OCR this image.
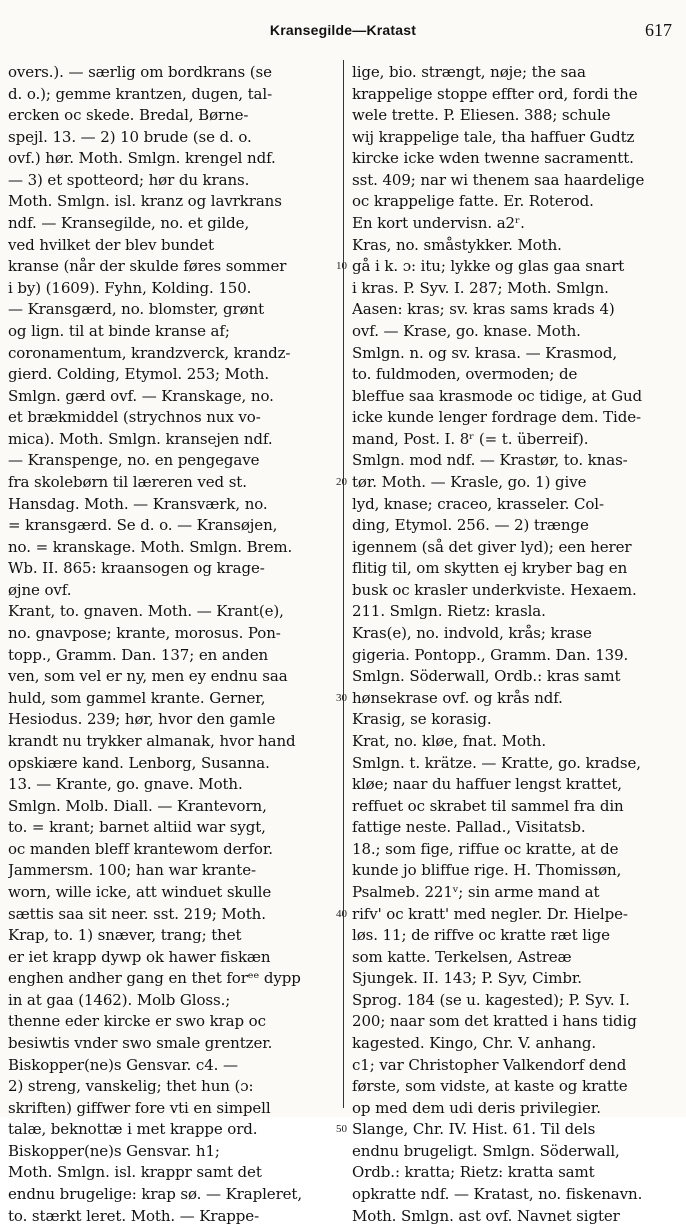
Kransegilde—Kratast	617
overs.). — særlig om bordkrans (se
d. o.); gemme krantzen, dugen, tal-
ercken oc skede. Bredal, Børne-
spejl. 13. — 2) 10 brude (se d. o.
ovf.) hør. Moth. Smlgn. krengel ndf.
— 3) et spotteord; hør du krans.
Moth. Smlgn. isl. kranz og lavrkrans
ndf. — Kransegilde, no. et gilde,
ved hvilket der blev bundet
kranse (når der skulde føres sommer
i by) (1609). Fyhn, Kolding. 150.
— Kransgærd, no. blomster, grønt
og lign. til at binde kranse af;
coronamentum, krandzverck, krandz-
gierd. Colding, Etymol. 253; Moth.
Smlgn. gærd ovf. — Kranskage, no.
et brækmiddel (strychnos nux vo-
mica). Moth. Smlgn. kransejen ndf.
— Kranspenge, no. en pengegave
fra skolebørn til læreren ved st.
Hansdag. Moth. — Kransværk, no.
= kransgærd. Se d. o. — Kransøjen,
no. = kranskage. Moth. Smlgn. Brem.
Wb. II. 865: kraansogen og krage-
øjne ovf.
Krant, to. gnaven. Moth. — Krant(e),
no. gnavpose; krante, morosus. Pon-
topp., Gramm. Dan. 137; en anden
ven, som vel er ny, men ey endnu saa
huld, som gammel krante. Gerner,
Hesiodus. 239; hør, hvor den gamle
krandt nu trykker almanak, hvor hand
opskiære kand. Lenborg, Susanna.
13. — Krante, go. gnave. Moth.
Smlgn. Molb. Diall. — Krantevorn,
to. = krant; barnet altiid war sygt,
oc manden bleff krantewom derfor.
Jammersm. 100; han war krante-
worn, wille icke, att winduet skulle
sættis saa sit neer. sst. 219; Moth.
Krap, to. 1) snæver, trang; thet
er iet krapp dywp ok hawer fiskæn
enghen andher gang en thet forᵉᵉ dypp
in at gaa (1462). Molb Gloss.;
thenne eder kircke er swo krap oc
besiwtis vnder swo smale grentzer.
Biskopper(ne)s Gensvar. c4. —
2) streng, vanskelig; thet hun (ɔ:
skriften) giffwer fore vti en simpell
talæ, beknottæ i met krappe ord.
Biskopper(ne)s Gensvar. h1;
Moth. Smlgn. isl. krappr samt det
endnu brugelige: krap sø. — Krapleret,
to. stærkt leret. Moth. — Krappe-
lige, bio. strængt, nøje; the saa
krappelige stoppe effter ord, fordi the
wele trette. P. Eliesen. 388; schule
wij krappelige tale, tha haffuer Gudtz
kircke icke wden twenne sacramentt.
sst. 409; nar wi thenem saa haardelige
oc krappelige fatte. Er. Roterod.
En kort undervisn. a2ʳ.
Kras, no. småstykker. Moth.
gå i k. ɔ: itu; lykke og glas gaa snart
i kras. P. Syv. I. 287; Moth. Smlgn.
Aasen: kras; sv. kras sams krads 4)
ovf. — Krase, go. knase. Moth.
Smlgn. n. og sv. krasa. — Krasmod,
to. fuldmoden, overmoden; de
bleffue saa krasmode oc tidige, at Gud
icke kunde lenger fordrage dem. Tide-
mand, Post. I. 8ʳ (= t. überreif).
Smlgn. mod ndf. — Krastør, to. knas-
tør. Moth. — Krasle, go. 1) give
lyd, knase; craceo, krasseler. Col-
ding, Etymol. 256. — 2) trænge
igennem (så det giver lyd); een herer
flitig til, om skytten ej kryber bag en
busk oc krasler underkviste. Hexaem.
211. Smlgn. Rietz: krasla.
Kras(e), no. indvold, krås; krase
gigeria. Pontopp., Gramm. Dan. 139.
Smlgn. Söderwall, Ordb.: kras samt
hønsekrase ovf. og krås ndf.
Krasig, se korasig.
Krat, no. kløe, fnat. Moth.
Smlgn. t. krätze. — Kratte, go. kradse,
kløe; naar du haffuer lengst krattet,
reffuet oc skrabet til sammel fra din
fattige neste. Pallad., Visitatsb.
18.; som fige, riffue oc kratte, at de
kunde jo bliffue rige. H. Thomissøn,
Psalmeb. 221ᵛ; sin arme mand at
rifv' oc kratt' med negler. Dr. Hielpe-
løs. 11; de riffve oc kratte ræt lige
som katte. Terkelsen, Astreæ
Sjungek. II. 143; P. Syv, Cimbr.
Sprog. 184 (se u. kagested); P. Syv. I.
200; naar som det kratted i hans tidig
kagested. Kingo, Chr. V. anhang.
c1; var Christopher Valkendorf dend
første, som vidste, at kaste og kratte
op med dem udi deris privilegier.
Slange, Chr. IV. Hist. 61. Til dels
endnu brugeligt. Smlgn. Söderwall,
Ordb.: kratta; Rietz: kratta samt
opkratte ndf. — Kratast, no. fiskenavn.
Moth. Smlgn. ast ovf. Navnet sigter
10
20
30
40
50
